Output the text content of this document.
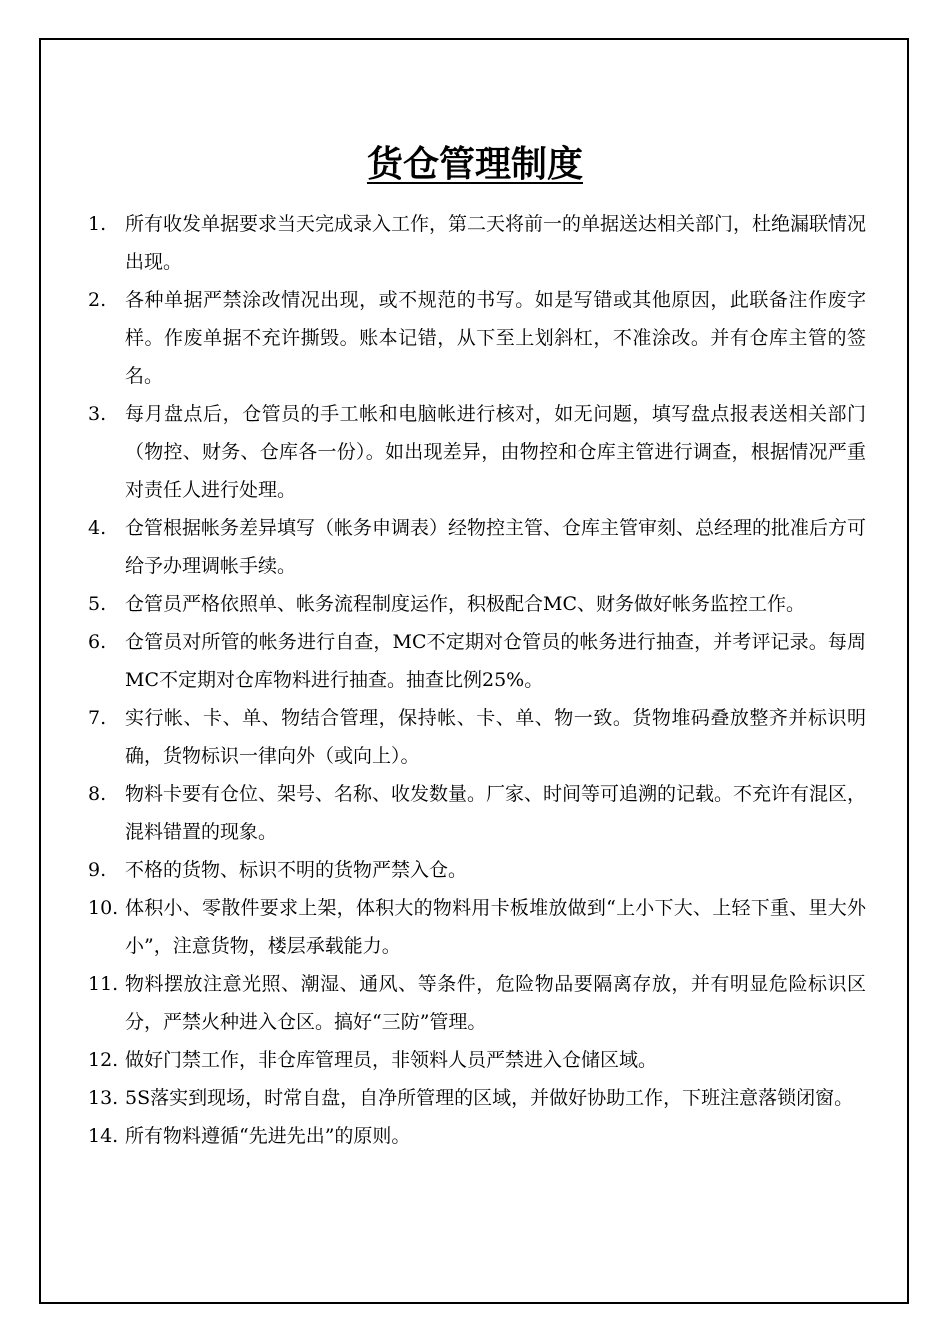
货仓管理制度
1. 所有收发单据要求当天完成录入工作，第二天将前一的单据送达相关部门，杜绝漏联情况出现。
2. 各种单据严禁涂改情况出现，或不规范的书写。如是写错或其他原因，此联备注作废字样。作废单据不充许撕毁。账本记错，从下至上划斜杠，不准涂改。并有仓库主管的签名。
3. 每月盘点后，仓管员的手工帐和电脑帐进行核对，如无问题，填写盘点报表送相关部门（物控、财务、仓库各一份）。如出现差异，由物控和仓库主管进行调查，根据情况严重对责任人进行处理。
4. 仓管根据帐务差异填写（帐务申调表）经物控主管、仓库主管审刻、总经理的批准后方可给予办理调帐手续。
5. 仓管员严格依照单、帐务流程制度运作，积极配合MC、财务做好帐务监控工作。
6. 仓管员对所管的帐务进行自查，MC不定期对仓管员的帐务进行抽查，并考评记录。每周MC不定期对仓库物料进行抽查。抽查比例25%。
7. 实行帐、卡、单、物结合管理，保持帐、卡、单、物一致。货物堆码叠放整齐并标识明确，货物标识一律向外（或向上）。
8. 物料卡要有仓位、架号、名称、收发数量。厂家、时间等可追溯的记载。不充许有混区，混料错置的现象。
9. 不格的货物、标识不明的货物严禁入仓。
10. 体积小、零散件要求上架，体积大的物料用卡板堆放做到“上小下大、上轻下重、里大外小”，注意货物，楼层承载能力。
11. 物料摆放注意光照、潮湿、通风、等条件，危险物品要隔离存放，并有明显危险标识区分，严禁火种进入仓区。搞好“三防”管理。
12. 做好门禁工作，非仓库管理员，非领料人员严禁进入仓储区域。
13. 5S落实到现场，时常自盘，自净所管理的区域，并做好协助工作，下班注意落锁闭窗。
14. 所有物料遵循“先进先出”的原则。
